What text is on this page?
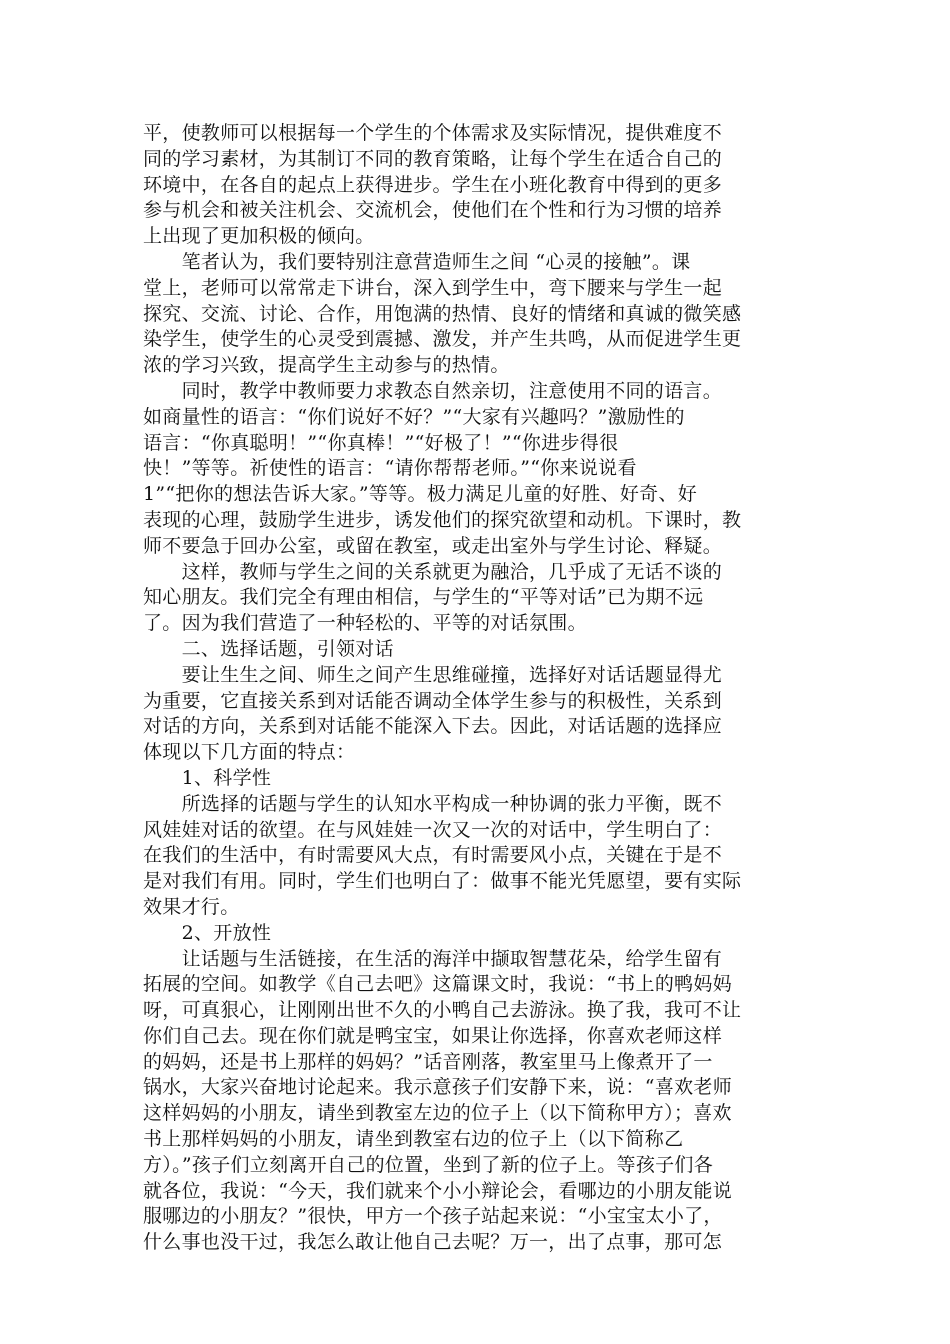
平，使教师可以根据每一个学生的个体需求及实际情况，提供难度不
同的学习素材，为其制订不同的教育策略，让每个学生在适合自己的
环境中，在各自的起点上获得进步。学生在小班化教育中得到的更多
参与机会和被关注机会、交流机会，使他们在个性和行为习惯的培养
上出现了更加积极的倾向。
　　笔者认为，我们要特别注意营造师生之间 “心灵的接触”。课
堂上，老师可以常常走下讲台，深入到学生中，弯下腰来与学生一起
探究、交流、讨论、合作，用饱满的热情、良好的情绪和真诚的微笑感
染学生，使学生的心灵受到震撼、激发，并产生共鸣，从而促进学生更
浓的学习兴致，提高学生主动参与的热情。
　　同时，教学中教师要力求教态自然亲切，注意使用不同的语言。
如商量性的语言：“你们说好不好？”“大家有兴趣吗？”激励性的
语言：“你真聪明！”“你真棒！”“好极了！”“你进步得很
快！”等等。祈使性的语言：“请你帮帮老师。”“你来说说看
1”“把你的想法告诉大家。”等等。极力满足儿童的好胜、好奇、好
表现的心理，鼓励学生进步，诱发他们的探究欲望和动机。下课时，教
师不要急于回办公室，或留在教室，或走出室外与学生讨论、释疑。
　　这样，教师与学生之间的关系就更为融洽，几乎成了无话不谈的
知心朋友。我们完全有理由相信，与学生的“平等对话”已为期不远
了。因为我们营造了一种轻松的、平等的对话氛围。
　　二、选择话题，引领对话
　　要让生生之间、师生之间产生思维碰撞，选择好对话话题显得尤
为重要，它直接关系到对话能否调动全体学生参与的积极性，关系到
对话的方向，关系到对话能不能深入下去。因此，对话话题的选择应
体现以下几方面的特点：
　　1、科学性
　　所选择的话题与学生的认知水平构成一种协调的张力平衡，既不
风娃娃对话的欲望。在与风娃娃一次又一次的对话中，学生明白了：
在我们的生活中，有时需要风大点，有时需要风小点，关键在于是不
是对我们有用。同时，学生们也明白了：做事不能光凭愿望，要有实际
效果才行。
　　2、开放性
　　让话题与生活链接，在生活的海洋中撷取智慧花朵，给学生留有
拓展的空间。如教学《自己去吧》这篇课文时，我说：“书上的鸭妈妈
呀，可真狠心，让刚刚出世不久的小鸭自己去游泳。换了我，我可不让
你们自己去。现在你们就是鸭宝宝，如果让你选择，你喜欢老师这样
的妈妈，还是书上那样的妈妈？”话音刚落，教室里马上像煮开了一
锅水，大家兴奋地讨论起来。我示意孩子们安静下来，说：“喜欢老师
这样妈妈的小朋友，请坐到教室左边的位子上（以下简称甲方）；喜欢
书上那样妈妈的小朋友，请坐到教室右边的位子上（以下简称乙
方）。”孩子们立刻离开自己的位置，坐到了新的位子上。等孩子们各
就各位，我说：“今天，我们就来个小小辩论会，看哪边的小朋友能说
服哪边的小朋友？”很快，甲方一个孩子站起来说：“小宝宝太小了，
什么事也没干过，我怎么敢让他自己去呢？万一，出了点事，那可怎
